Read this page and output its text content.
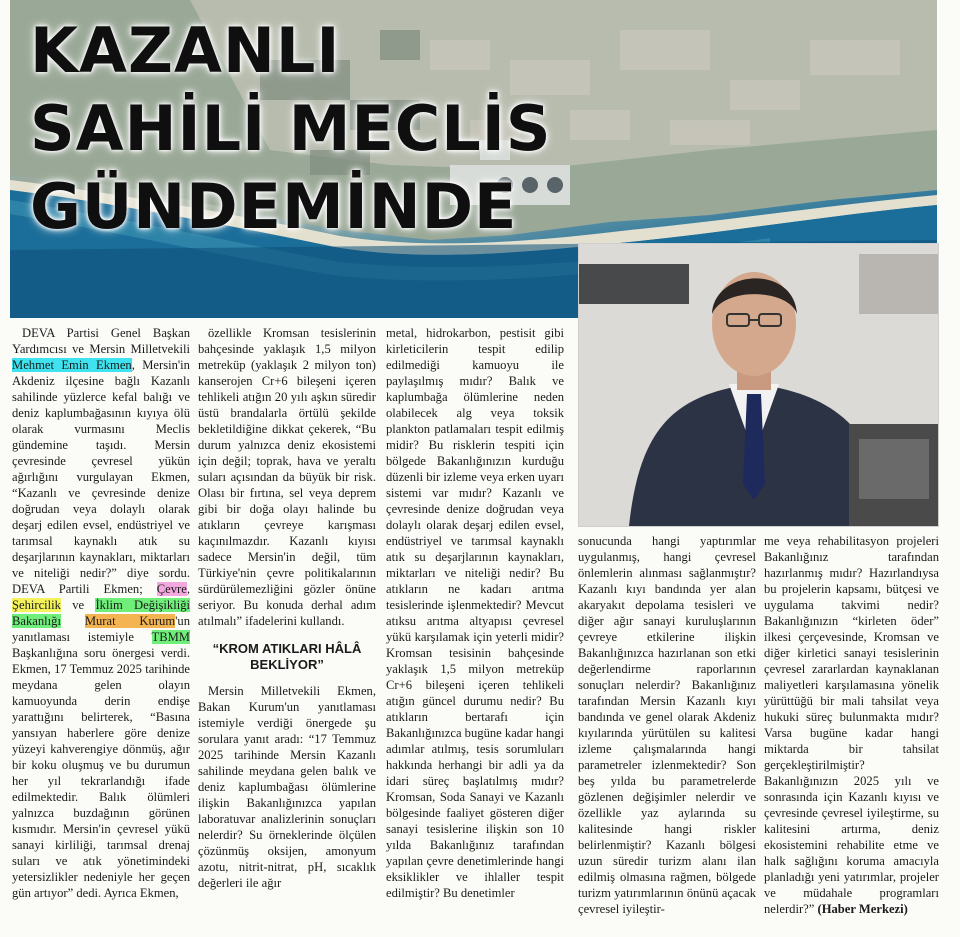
KAZANLI
SAHİLİ MECLİS
GÜNDEMİNDE

DEVA Partisi Genel Başkan Yardımcısı ve Mersin Milletvekili Mehmet Emin Ekmen, Mersin'in Akdeniz ilçesine bağlı Kazanlı sahilinde yüzlerce kefal balığı ve deniz kaplumbağasının kıyıya ölü olarak vurmasını Meclis gündemine taşıdı. Mersin çevresinde çevresel yükün ağırlığını vurgulayan Ekmen, “Kazanlı ve çevresinde denize doğrudan veya dolaylı olarak deşarj edilen evsel, endüstriyel ve tarımsal kaynaklı atık su deşarjlarının kaynakları, miktarları ve niteliği nedir?” diye sordu. DEVA Partili Ekmen; Çevre, Şehircilik ve İklim Değişikliği Bakanlığı Murat Kurum'un yanıtlaması istemiyle TBMM Başkanlığına soru önergesi verdi. Ekmen, 17 Temmuz 2025 tarihinde meydana gelen olayın kamuoyunda derin endişe yarattığını belirterek, “Basına yansıyan haberlere göre denize yüzeyi kahverengiye dönmüş, ağır bir koku oluşmuş ve bu durumun her yıl tekrarlandığı ifade edilmektedir. Balık ölümleri yalnızca buzdağının görünen kısmıdır. Mersin'in çevresel yükü sanayi kirliliği, tarımsal drenaj suları ve atık yönetimindeki yetersizlikler nedeniyle her geçen gün artıyor” dedi. Ayrıca Ekmen,

özellikle Kromsan tesislerinin bahçesinde yaklaşık 1,5 milyon metreküp (yaklaşık 2 milyon ton) kanserojen Cr+6 bileşeni içeren tehlikeli atığın 20 yılı aşkın süredir üstü brandalarla örtülü şekilde bekletildiğine dikkat çekerek, “Bu durum yalnızca deniz ekosistemi için değil; toprak, hava ve yeraltı suları açısından da büyük bir risk. Olası bir fırtına, sel veya deprem gibi bir doğa olayı halinde bu atıkların çevreye karışması kaçınılmazdır. Kazanlı kıyısı sadece Mersin'in değil, tüm Türkiye'nin çevre politikalarının sürdürülemezliğini gözler önüne seriyor. Bu konuda derhal adım atılmalı” ifadelerini kullandı.

“KROM ATIKLARI HÂLÂ BEKLİYOR”

Mersin Milletvekili Ekmen, Bakan Kurum'un yanıtlaması istemiyle verdiği önergede şu sorulara yanıt aradı: “17 Temmuz 2025 tarihinde Mersin Kazanlı sahilinde meydana gelen balık ve deniz kaplumbağası ölümlerine ilişkin Bakanlığınızca yapılan laboratuvar analizlerinin sonuçları nelerdir? Su örneklerinde ölçülen çözünmüş oksijen, amonyum azotu, nitrit-nitrat, pH, sıcaklık değerleri ile ağır

metal, hidrokarbon, pestisit gibi kirleticilerin tespit edilip edilmediği kamuoyu ile paylaşılmış mıdır? Balık ve kaplumbağa ölümlerine neden olabilecek alg veya toksik plankton patlamaları tespit edilmiş midir? Bu risklerin tespiti için bölgede Bakanlığınızın kurduğu düzenli bir izleme veya erken uyarı sistemi var mıdır? Kazanlı ve çevresinde denize doğrudan veya dolaylı olarak deşarj edilen evsel, endüstriyel ve tarımsal kaynaklı atık su deşarjlarının kaynakları, miktarları ve niteliği nedir? Bu atıkların ne kadarı arıtma tesislerinde işlenmektedir? Mevcut atıksu arıtma altyapısı çevresel yükü karşılamak için yeterli midir? Kromsan tesisinin bahçesinde yaklaşık 1,5 milyon metreküp Cr+6 bileşeni içeren tehlikeli atığın güncel durumu nedir? Bu atıkların bertarafı için Bakanlığınızca bugüne kadar hangi adımlar atılmış, tesis sorumluları hakkında herhangi bir adli ya da idari süreç başlatılmış mıdır? Kromsan, Soda Sanayi ve Kazanlı bölgesinde faaliyet gösteren diğer sanayi tesislerine ilişkin son 10 yılda Bakanlığınız tarafından yapılan çevre denetimlerinde hangi eksiklikler ve ihlaller tespit edilmiştir? Bu denetimler

sonucunda hangi yaptırımlar uygulanmış, hangi çevresel önlemlerin alınması sağlanmıştır? Kazanlı kıyı bandında yer alan akaryakıt depolama tesisleri ve diğer ağır sanayi kuruluşlarının çevreye etkilerine ilişkin Bakanlığınızca hazırlanan son etki değerlendirme raporlarının sonuçları nelerdir? Bakanlığınız tarafından Mersin Kazanlı kıyı bandında ve genel olarak Akdeniz kıyılarında yürütülen su kalitesi izleme çalışmalarında hangi parametreler izlenmektedir? Son beş yılda bu parametrelerde gözlenen değişimler nelerdir ve özellikle yaz aylarında su kalitesinde hangi riskler belirlenmiştir? Kazanlı bölgesi uzun süredir turizm alanı ilan edilmiş olmasına rağmen, bölgede turizm yatırımlarının önünü açacak çevresel iyileştir-

me veya rehabilitasyon projeleri Bakanlığınız tarafından hazırlanmış mıdır? Hazırlandıysa bu projelerin kapsamı, bütçesi ve uygulama takvimi nedir? Bakanlığınızın “kirleten öder” ilkesi çerçevesinde, Kromsan ve diğer kirletici sanayi tesislerinin çevresel zararlardan kaynaklanan maliyetleri karşılamasına yönelik yürüttüğü bir mali tahsilat veya hukuki süreç bulunmakta mıdır? Varsa bugüne kadar hangi miktarda bir tahsilat gerçekleştirilmiştir? Bakanlığınızın 2025 yılı ve sonrasında için Kazanlı kıyısı ve çevresinde çevresel iyileştirme, su kalitesini artırma, deniz ekosistemini rehabilite etme ve halk sağlığını koruma amacıyla planladığı yeni yatırımlar, projeler ve müdahale programları nelerdir?” (Haber Merkezi)
